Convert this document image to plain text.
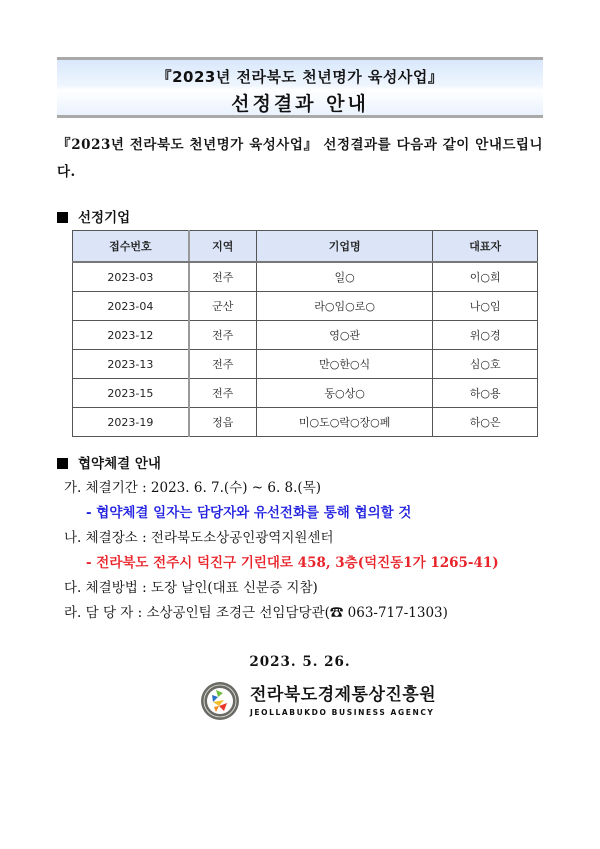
『2023년 전라북도 천년명가 육성사업』
선정결과 안내
『2023년 전라북도 천년명가 육성사업』 선정결과를 다음과 같이 안내드립니다.
선정기업
접수번호	지역	기업명	대표자
2023-03	전주	일○	이○희
2023-04	군산	라○임○로○	나○임
2023-12	전주	영○관	위○경
2023-13	전주	만○한○식	심○호
2023-15	전주	동○상○	하○용
2023-19	정읍	미○도○락○장○페	하○은
협약체결 안내
가. 체결기간 : 2023. 6. 7.(수) ~ 6. 8.(목)
- 협약체결 일자는 담당자와 유선전화를 통해 협의할 것
나. 체결장소 : 전라북도소상공인광역지원센터
- 전라북도 전주시 덕진구 기린대로 458, 3층(덕진동1가 1265-41)
다. 체결방법 : 도장 날인(대표 신분증 지참)
라. 담 당 자 : 소상공인팀 조경근 선임담당관(☎ 063-717-1303)
2023. 5. 26.
전라북도경제통상진흥원
JEOLLABUKDO BUSINESS AGENCY
